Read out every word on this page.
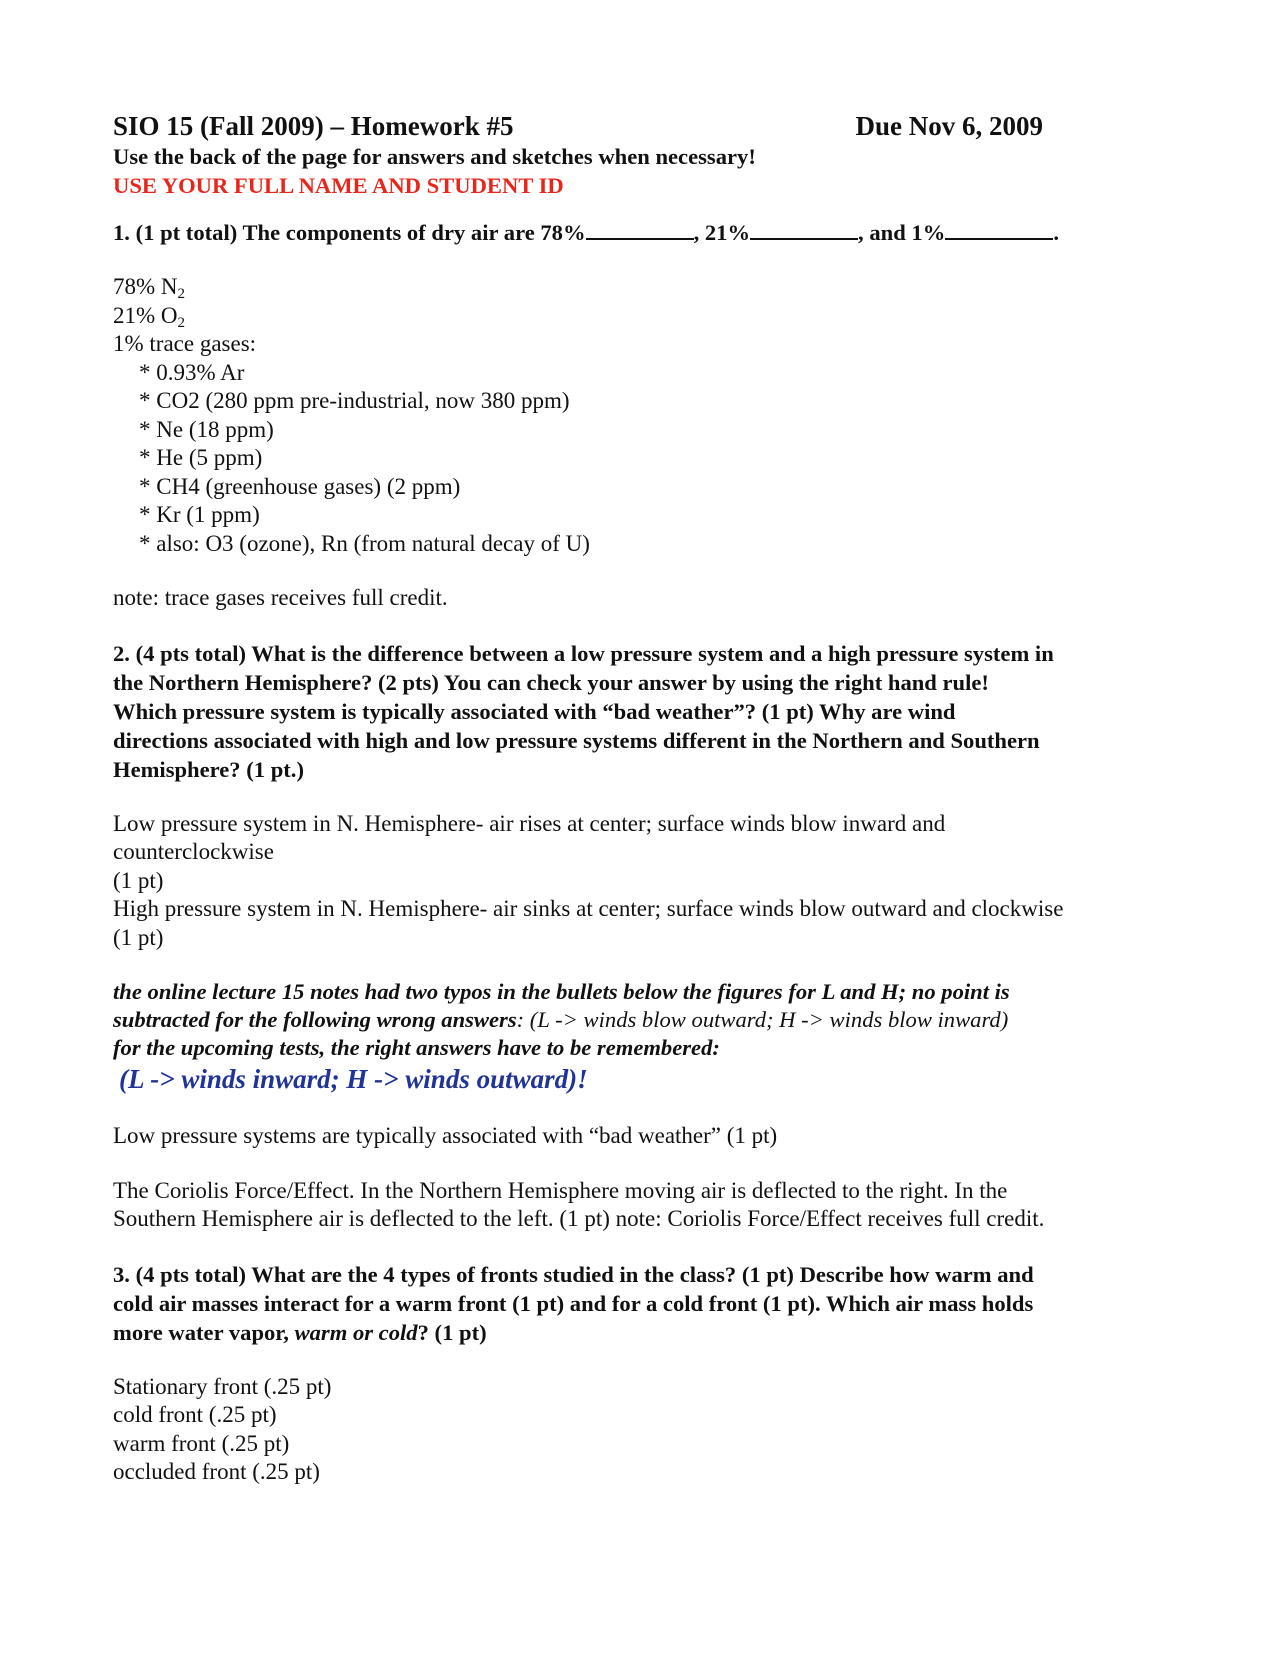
SIO 15 (Fall 2009) – Homework #5	Due Nov 6, 2009
Use the back of the page for answers and sketches when necessary!
USE YOUR FULL NAME AND STUDENT ID
1. (1 pt total) The components of dry air are 78%	, 21%	, and 1%	.
78% $N_2$
21% $O_2$
1% trace gases:
* 0.93% Ar
* CO2 (280 ppm pre-industrial, now 380 ppm)
* Ne (18 ppm)
* He (5 ppm)
* CH4 (greenhouse gases) (2 ppm)
* Kr (1 ppm)
* also: O3 (ozone), Rn (from natural decay of U)
note: trace gases receives full credit.
2. (4 pts total) What is the difference between a low pressure system and a high pressure system in
the Northern Hemisphere? (2 pts) You can check your answer by using the right hand rule!
Which pressure system is typically associated with “bad weather”? (1 pt) Why are wind
directions associated with high and low pressure systems different in the Northern and Southern
Hemisphere? (1 pt.)
Low pressure system in N. Hemisphere- air rises at center; surface winds blow inward and
counterclockwise
(1 pt)
High pressure system in N. Hemisphere- air sinks at center; surface winds blow outward and clockwise
(1 pt)
the online lecture 15 notes had two typos in the bullets below the figures for L and H; no point is
subtracted for the following wrong answers: (L -> winds blow outward; H -> winds blow inward)
for the upcoming tests, the right answers have to be remembered:
(L -> winds inward; H -> winds outward)!
Low pressure systems are typically associated with “bad weather” (1 pt)
The Coriolis Force/Effect. In the Northern Hemisphere moving air is deflected to the right. In the
Southern Hemisphere air is deflected to the left. (1 pt) note: Coriolis Force/Effect receives full credit.
3. (4 pts total) What are the 4 types of fronts studied in the class? (1 pt) Describe how warm and
cold air masses interact for a warm front (1 pt) and for a cold front (1 pt). Which air mass holds
more water vapor, warm or cold? (1 pt)
Stationary front (.25 pt)
cold front (.25 pt)
warm front (.25 pt)
occluded front (.25 pt)
